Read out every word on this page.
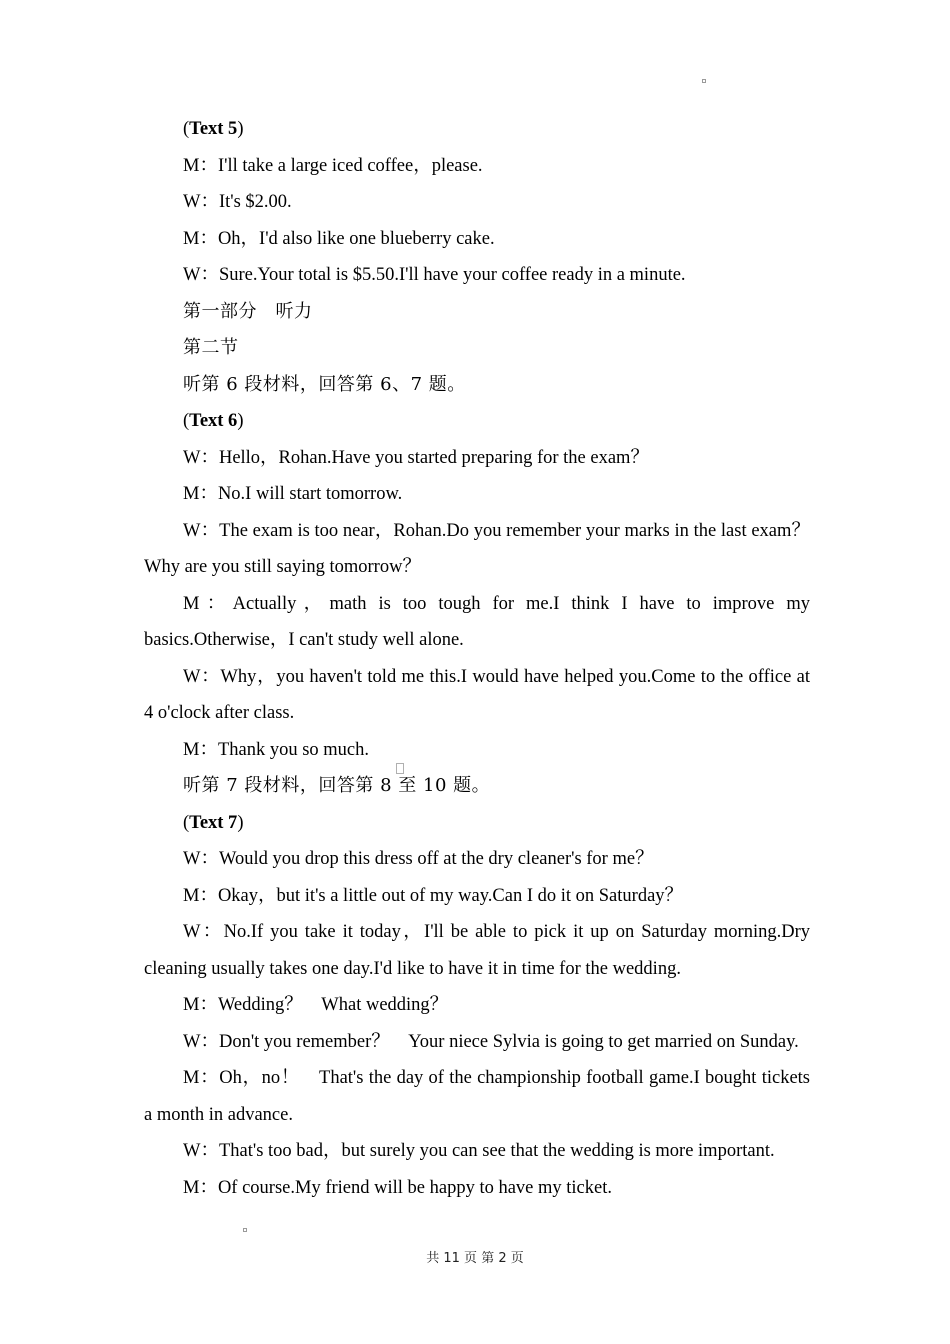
(Text 5)

M：I'll take a large iced coffee，please.

W：It's $2.00.

M：Oh，I'd also like one blueberry cake.

W：Sure.Your total is $5.50.I'll have your coffee ready in a minute.

第一部分　听力

第二节

听第 6 段材料，回答第 6、7 题。

(Text 6)

W：Hello，Rohan.Have you started preparing for the exam？

M：No.I will start tomorrow.

W：The exam is too near，Rohan.Do you remember your marks in the last exam？　Why are you still saying tomorrow？

M：Actually，math is too tough for me.I think I have to improve my basics.Otherwise，I can't study well alone.

W：Why，you haven't told me this.I would have helped you.Come to the office at 4 o'clock after class.

M：Thank you so much.

听第 7 段材料，回答第 8 至 10 题。

(Text 7)

W：Would you drop this dress off at the dry cleaner's for me？

M：Okay，but it's a little out of my way.Can I do it on Saturday？

W：No.If you take it today，I'll be able to pick it up on Saturday morning.Dry cleaning usually takes one day.I'd like to have it in time for the wedding.

M：Wedding？　What wedding？

W：Don't you remember？　Your niece Sylvia is going to get married on Sunday.

M：Oh，no！　That's the day of the championship football game.I bought tickets a month in advance.

W：That's too bad，but surely you can see that the wedding is more important.

M：Of course.My friend will be happy to have my ticket.

共 11 页 第 2 页
